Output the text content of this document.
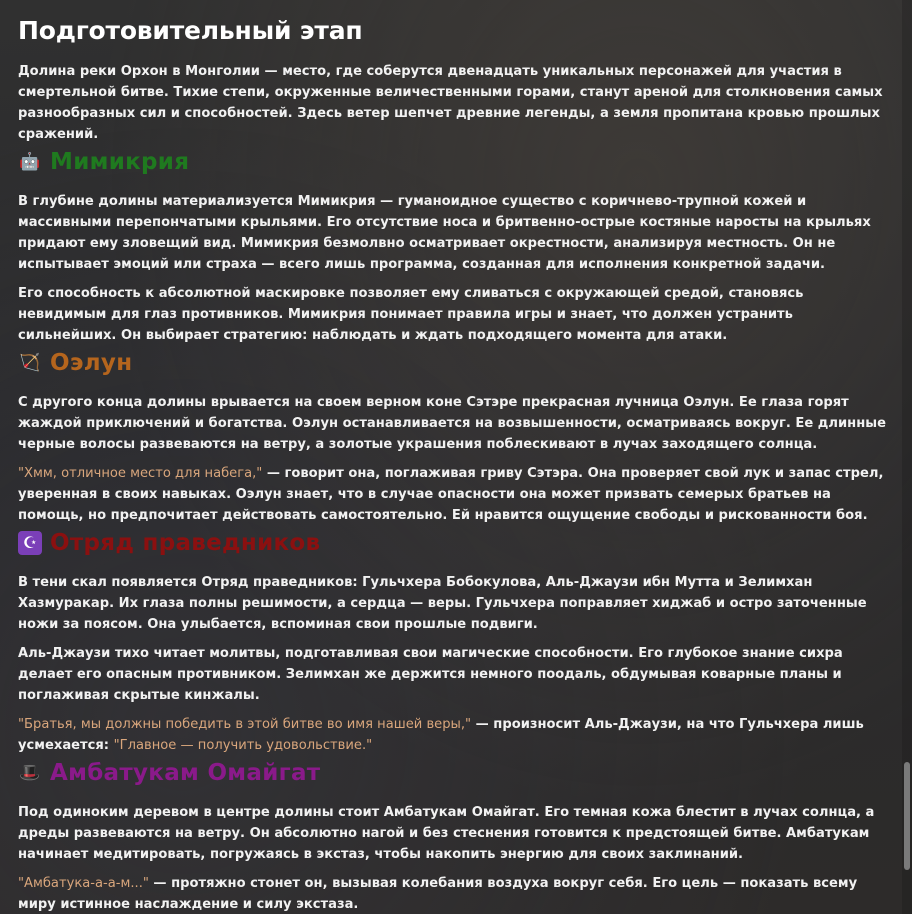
Подготовительный этап

Долина реки Орхон в Монголии — место, где соберутся двенадцать уникальных персонажей для участия в смертельной битве. Тихие степи, окруженные величественными горами, станут ареной для столкновения самых разнообразных сил и способностей. Здесь ветер шепчет древние легенды, а земля пропитана кровью прошлых сражений.

🤖 Мимикрия

В глубине долины материализуется Мимикрия — гуманоидное существо с коричнево-трупной кожей и массивными перепончатыми крыльями. Его отсутствие носа и бритвенно-острые костяные наросты на крыльях придают ему зловещий вид. Мимикрия безмолвно осматривает окрестности, анализируя местность. Он не испытывает эмоций или страха — всего лишь программа, созданная для исполнения конкретной задачи.

Его способность к абсолютной маскировке позволяет ему сливаться с окружающей средой, становясь невидимым для глаз противников. Мимикрия понимает правила игры и знает, что должен устранить сильнейших. Он выбирает стратегию: наблюдать и ждать подходящего момента для атаки.

🏹 Оэлун

С другого конца долины врывается на своем верном коне Сэтэре прекрасная лучница Оэлун. Ее глаза горят жаждой приключений и богатства. Оэлун останавливается на возвышенности, осматриваясь вокруг. Ее длинные черные волосы развеваются на ветру, а золотые украшения поблескивают в лучах заходящего солнца.

"Хмм, отличное место для набега," — говорит она, поглаживая гриву Сэтэра. Она проверяет свой лук и запас стрел, уверенная в своих навыках. Оэлун знает, что в случае опасности она может призвать семерых братьев на помощь, но предпочитает действовать самостоятельно. Ей нравится ощущение свободы и рискованности боя.

☪ Отряд праведников

В тени скал появляется Отряд праведников: Гульчхера Бобокулова, Аль-Джаузи ибн Мутта и Зелимхан Хазмуракар. Их глаза полны решимости, а сердца — веры. Гульчхера поправляет хиджаб и остро заточенные ножи за поясом. Она улыбается, вспоминая свои прошлые подвиги.

Аль-Джаузи тихо читает молитвы, подготавливая свои магические способности. Его глубокое знание сихра делает его опасным противником. Зелимхан же держится немного поодаль, обдумывая коварные планы и поглаживая скрытые кинжалы.

"Братья, мы должны победить в этой битве во имя нашей веры," — произносит Аль-Джаузи, на что Гульчхера лишь усмехается: "Главное — получить удовольствие."

🎩 Амбатукам Омайгат

Под одиноким деревом в центре долины стоит Амбатукам Омайгат. Его темная кожа блестит в лучах солнца, а дреды развеваются на ветру. Он абсолютно нагой и без стеснения готовится к предстоящей битве. Амбатукам начинает медитировать, погружаясь в экстаз, чтобы накопить энергию для своих заклинаний.

"Амбатука-а-а-м..." — протяжно стонет он, вызывая колебания воздуха вокруг себя. Его цель — показать всему миру истинное наслаждение и силу экстаза.
